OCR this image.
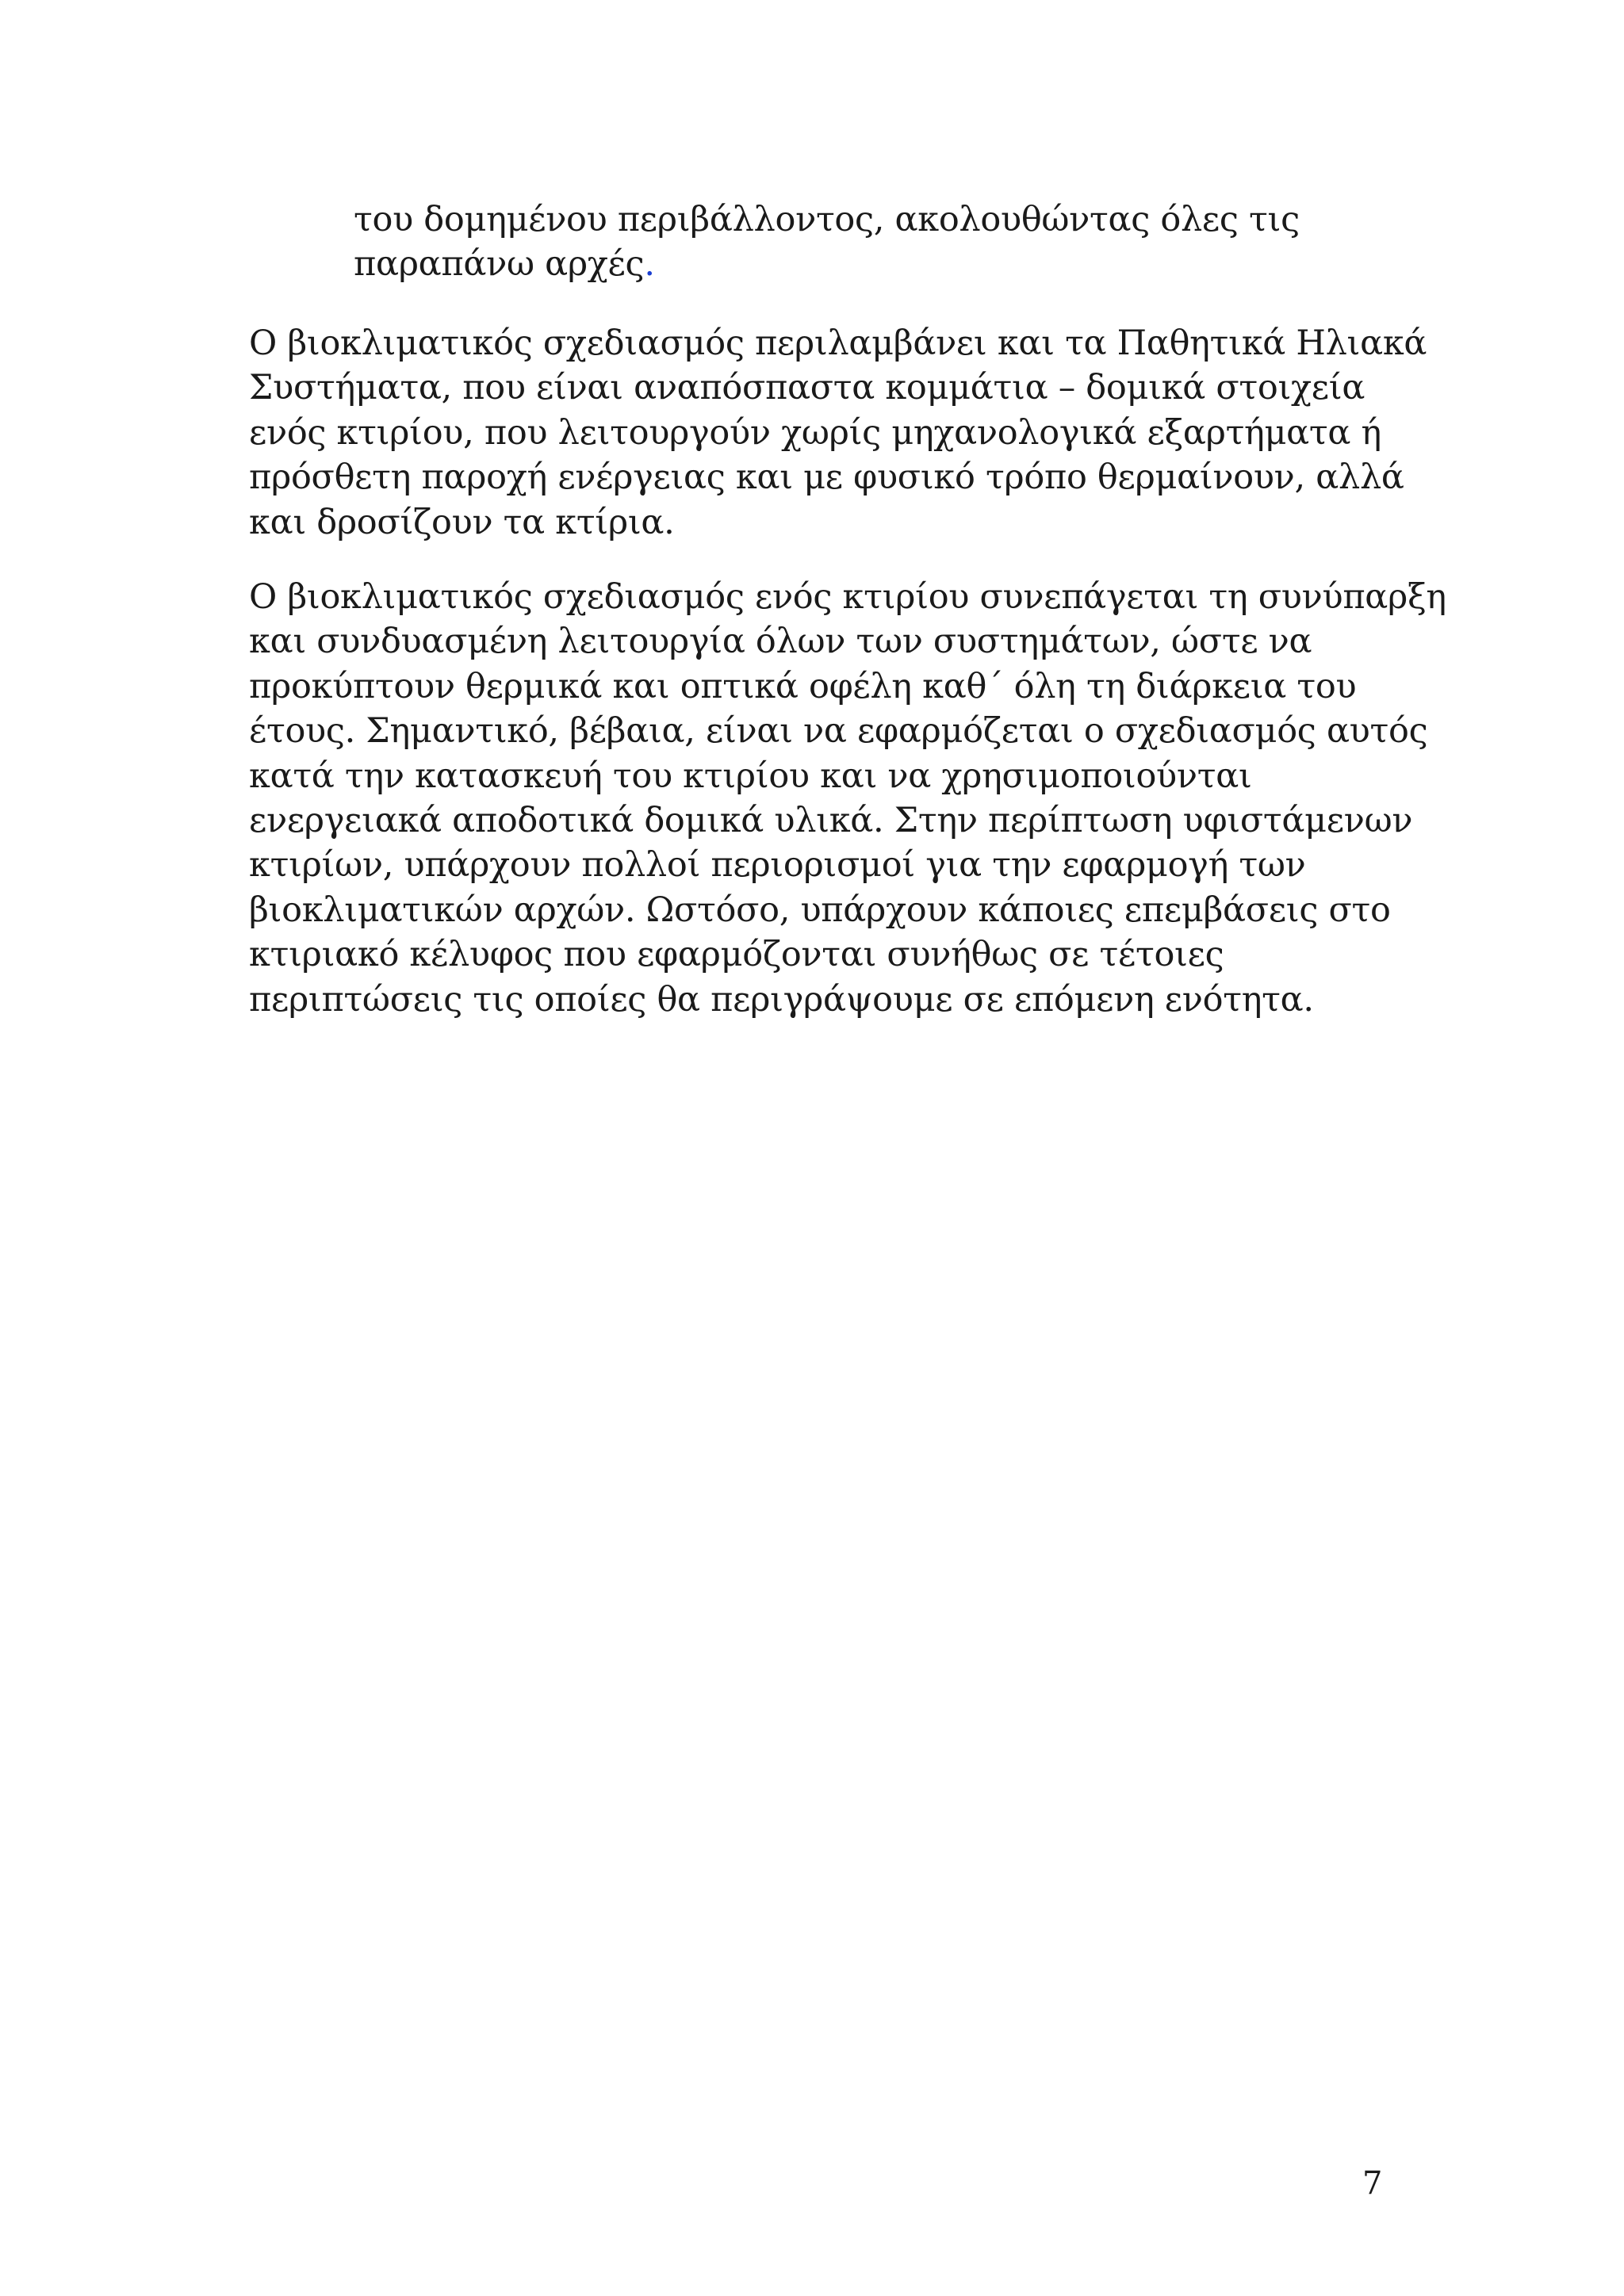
του δομημένου περιβάλλοντος, ακολουθώντας όλες τις
παραπάνω αρχές.

Ο βιοκλιματικός σχεδιασμός περιλαμβάνει και τα Παθητικά Ηλιακά
Συστήματα, που είναι αναπόσπαστα κομμάτια – δομικά στοιχεία
ενός κτιρίου, που λειτουργούν χωρίς μηχανολογικά εξαρτήματα ή
πρόσθετη παροχή ενέργειας και με φυσικό τρόπο θερμαίνουν, αλλά
και δροσίζουν τα κτίρια.

Ο βιοκλιματικός σχεδιασμός ενός κτιρίου συνεπάγεται τη συνύπαρξη
και συνδυασμένη λειτουργία όλων των συστημάτων, ώστε να
προκύπτουν θερμικά και οπτικά οφέλη καθ΄ όλη τη διάρκεια του
έτους. Σημαντικό, βέβαια, είναι να εφαρμόζεται ο σχεδιασμός αυτός
κατά την κατασκευή του κτιρίου και να χρησιμοποιούνται
ενεργειακά αποδοτικά δομικά υλικά. Στην περίπτωση υφιστάμενων
κτιρίων, υπάρχουν πολλοί περιορισμοί για την εφαρμογή των
βιοκλιματικών αρχών. Ωστόσο, υπάρχουν κάποιες επεμβάσεις στο
κτιριακό κέλυφος που εφαρμόζονται συνήθως σε τέτοιες
περιπτώσεις τις οποίες θα περιγράψουμε σε επόμενη ενότητα.

7
